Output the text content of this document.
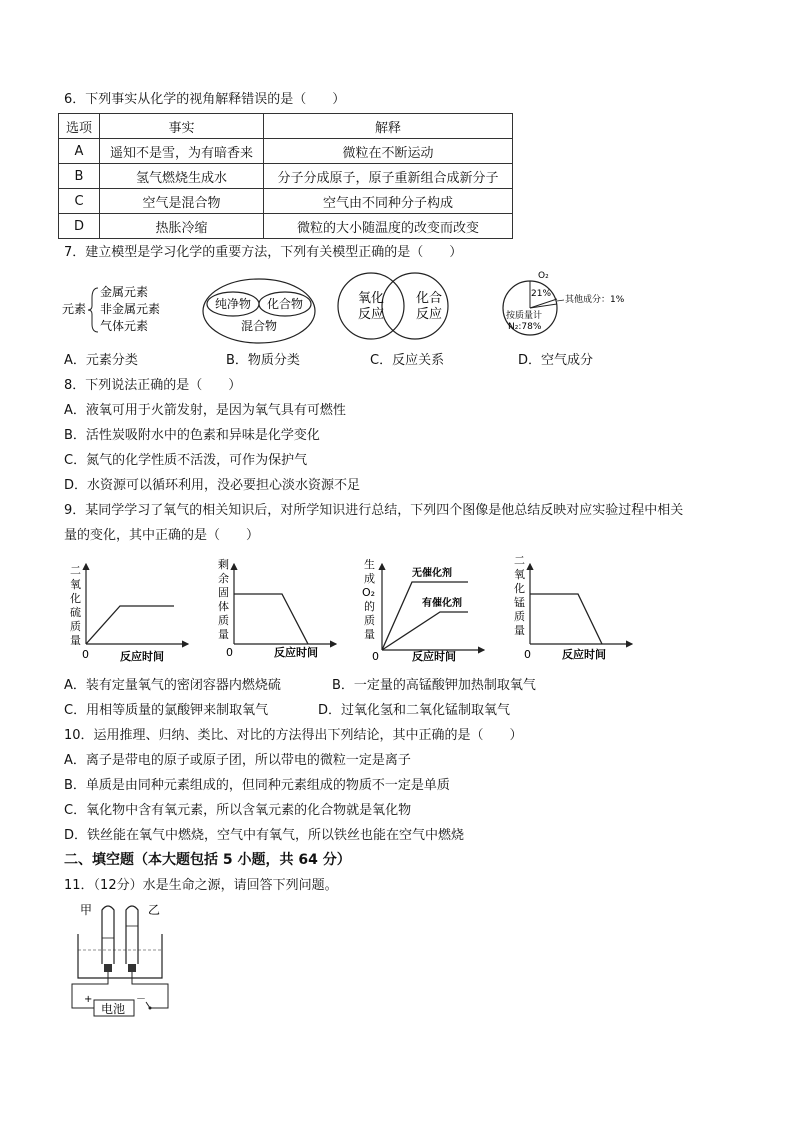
6．下列事实从化学的视角解释错误的是（　　）
选项	事实	解释
A	遥知不是雪，为有暗香来	微粒在不断运动
B	氢气燃烧生成水	分子分成原子，原子重新组合成新分子
C	空气是混合物	空气由不同种分子构成
D	热胀冷缩	微粒的大小随温度的改变而改变
7．建立模型是学习化学的重要方法，下列有关模型正确的是（　　）
元素
金属元素
非金属元素
气体元素
纯净物 化合物
混合物
氧化
反应
化合
反应
O₂
21%
其他成分：1%
按质量计
N₂:78%
A．元素分类	B．物质分类	C．反应关系	D．空气成分
8．下列说法正确的是（　　）
A．液氧可用于火箭发射，是因为氧气具有可燃性
B．活性炭吸附水中的色素和异味是化学变化
C．氮气的化学性质不活泼，可作为保护气
D．水资源可以循环利用，没必要担心淡水资源不足
9．某同学学习了氧气的相关知识后，对所学知识进行总结，下列四个图像是他总结反映对应实验过程中相关
量的变化，其中正确的是（　　）
二氧化硫质量
0	反应时间
剩余固体质量
0	反应时间
生成 O₂ 的质量
无催化剂
有催化剂
0	反应时间
二氧化锰质量
0	反应时间
A．装有定量氧气的密闭容器内燃烧硫	B．一定量的高锰酸钾加热制取氧气
C．用相等质量的氯酸钾来制取氧气	D．过氧化氢和二氧化锰制取氧气
10．运用推理、归纳、类比、对比的方法得出下列结论，其中正确的是（　　）
A．离子是带电的原子或原子团，所以带电的微粒一定是离子
B．单质是由同种元素组成的，但同种元素组成的物质不一定是单质
C．氧化物中含有氧元素，所以含氧元素的化合物就是氧化物
D．铁丝能在氧气中燃烧，空气中有氧气，所以铁丝也能在空气中燃烧
二、填空题（本大题包括 5 小题，共 64 分）
11．（12分）水是生命之源，请回答下列问题。
甲	乙
电池
+	－
